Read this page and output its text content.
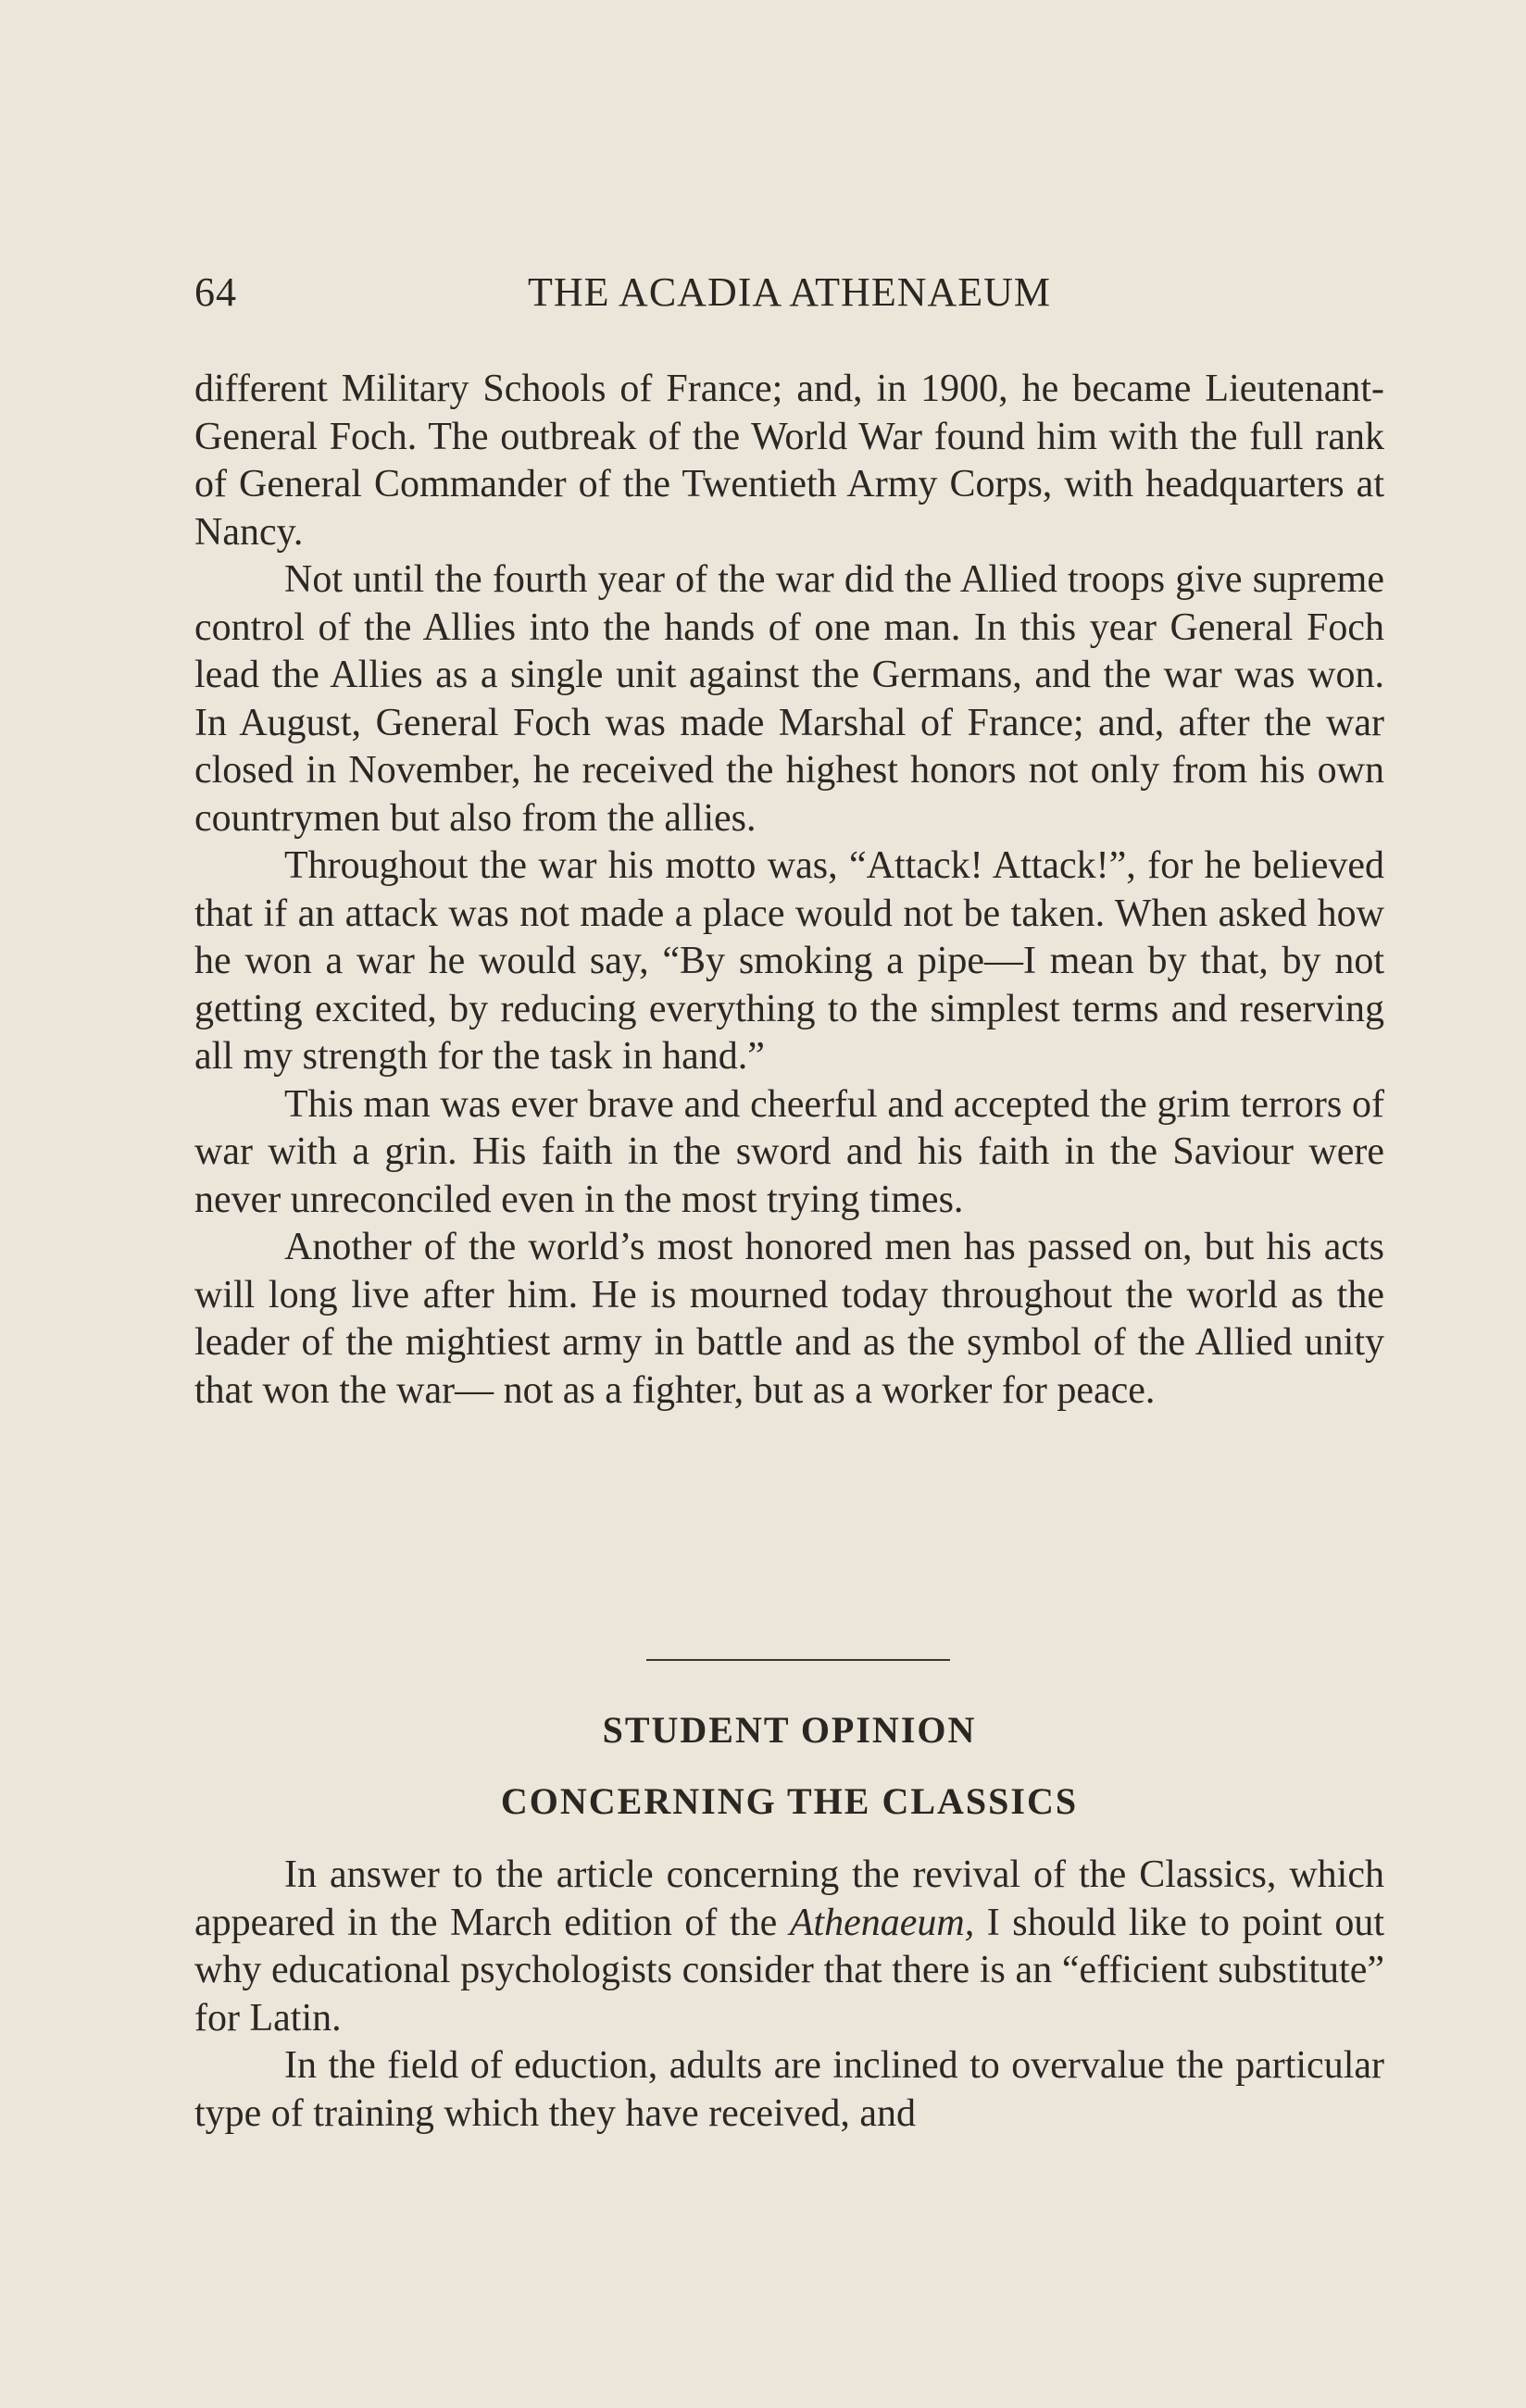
64	THE ACADIA ATHENAEUM

different Military Schools of France; and, in 1900, he became Lieutenant-General Foch. The outbreak of the World War found him with the full rank of General Commander of the Twentieth Army Corps, with headquarters at Nancy.

Not until the fourth year of the war did the Allied troops give supreme control of the Allies into the hands of one man. In this year General Foch lead the Allies as a single unit against the Germans, and the war was won. In August, General Foch was made Marshal of France; and, after the war closed in November, he received the highest honors not only from his own countrymen but also from the allies.

Throughout the war his motto was, “Attack! Attack!”, for he believed that if an attack was not made a place would not be taken. When asked how he won a war he would say, “By smoking a pipe—I mean by that, by not getting excited, by reducing everything to the simplest terms and reserving all my strength for the task in hand.”

This man was ever brave and cheerful and accepted the grim terrors of war with a grin. His faith in the sword and his faith in the Saviour were never unreconciled even in the most trying times.

Another of the world’s most honored men has passed on, but his acts will long live after him. He is mourned today throughout the world as the leader of the mightiest army in battle and as the symbol of the Allied unity that won the war— not as a fighter, but as a worker for peace.

STUDENT OPINION
CONCERNING THE CLASSICS

In answer to the article concerning the revival of the Classics, which appeared in the March edition of the Athenaeum, I should like to point out why educational psychologists consider that there is an “efficient substitute” for Latin.

In the field of eduction, adults are inclined to overvalue the particular type of training which they have received, and
